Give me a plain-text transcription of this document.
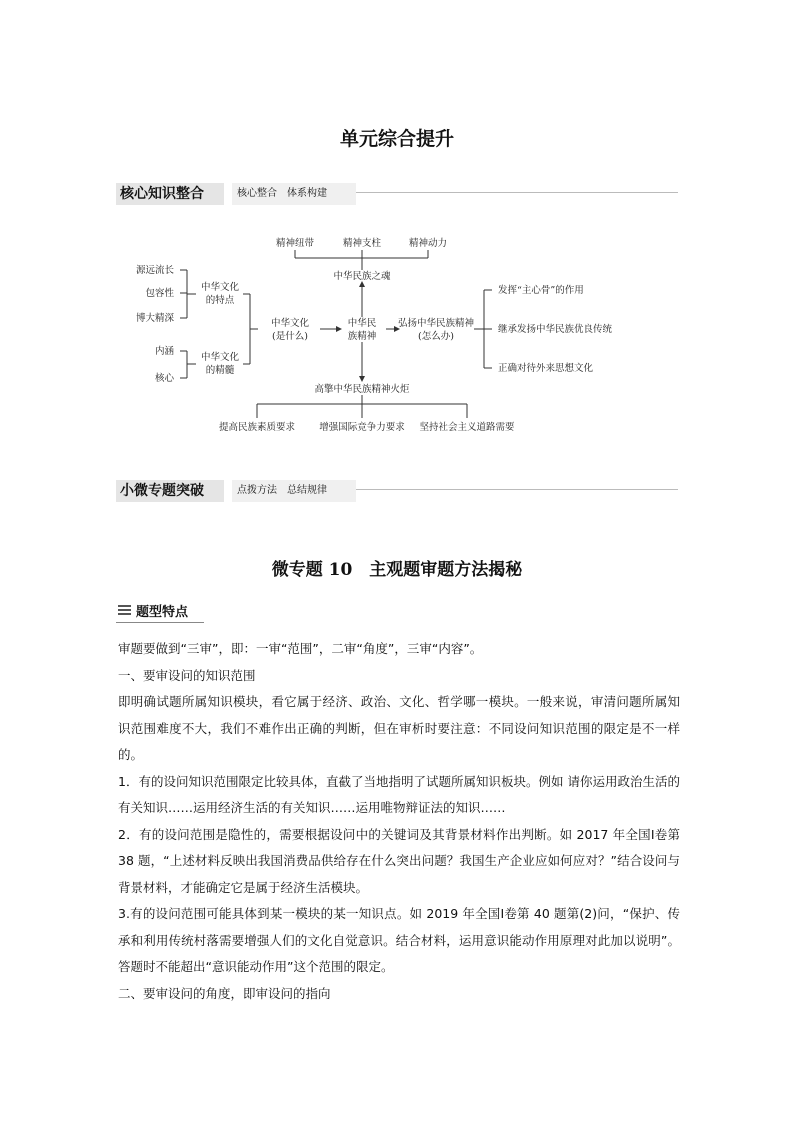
单元综合提升
核心知识整合	核心整合　体系构建
精神纽带	精神支柱	精神动力
中华民族之魂
源远流长
包容性
博大精深
中华文化
的特点
内涵
核心
中华文化
的精髓
中华文化
(是什么)
中华民
族精神
弘扬中华民族精神
(怎么办)
发挥“主心骨”的作用
继承发扬中华民族优良传统
正确对待外来思想文化
高擎中华民族精神火炬
提高民族素质要求	增强国际竞争力要求 坚持社会主义道路需要
小微专题突破	点拨方法　总结规律
微专题 10　主观题审题方法揭秘
题型特点

审题要做到“三审”，即：一审“范围”，二审“角度”，三审“内容”。

一、要审设问的知识范围

即明确试题所属知识模块，看它属于经济、政治、文化、哲学哪一模块。一般来说，审清问题所属知识范围难度不大，我们不难作出正确的判断，但在审析时要注意：不同设问知识范围的限定是不一样的。

1．有的设问知识范围限定比较具体，直截了当地指明了试题所属知识板块。例如 请你运用政治生活的有关知识……运用经济生活的有关知识……运用唯物辩证法的知识……

2．有的设问范围是隐性的，需要根据设问中的关键词及其背景材料作出判断。如 2017 年全国Ⅰ卷第 38 题，“上述材料反映出我国消费品供给存在什么突出问题？我国生产企业应如何应对？”结合设问与背景材料，才能确定它是属于经济生活模块。

3.有的设问范围可能具体到某一模块的某一知识点。如 2019 年全国Ⅰ卷第 40 题第(2)问，“保护、传承和利用传统村落需要增强人们的文化自觉意识。结合材料，运用意识能动作用原理对此加以说明”。答题时不能超出“意识能动作用”这个范围的限定。

二、要审设问的角度，即审设问的指向
